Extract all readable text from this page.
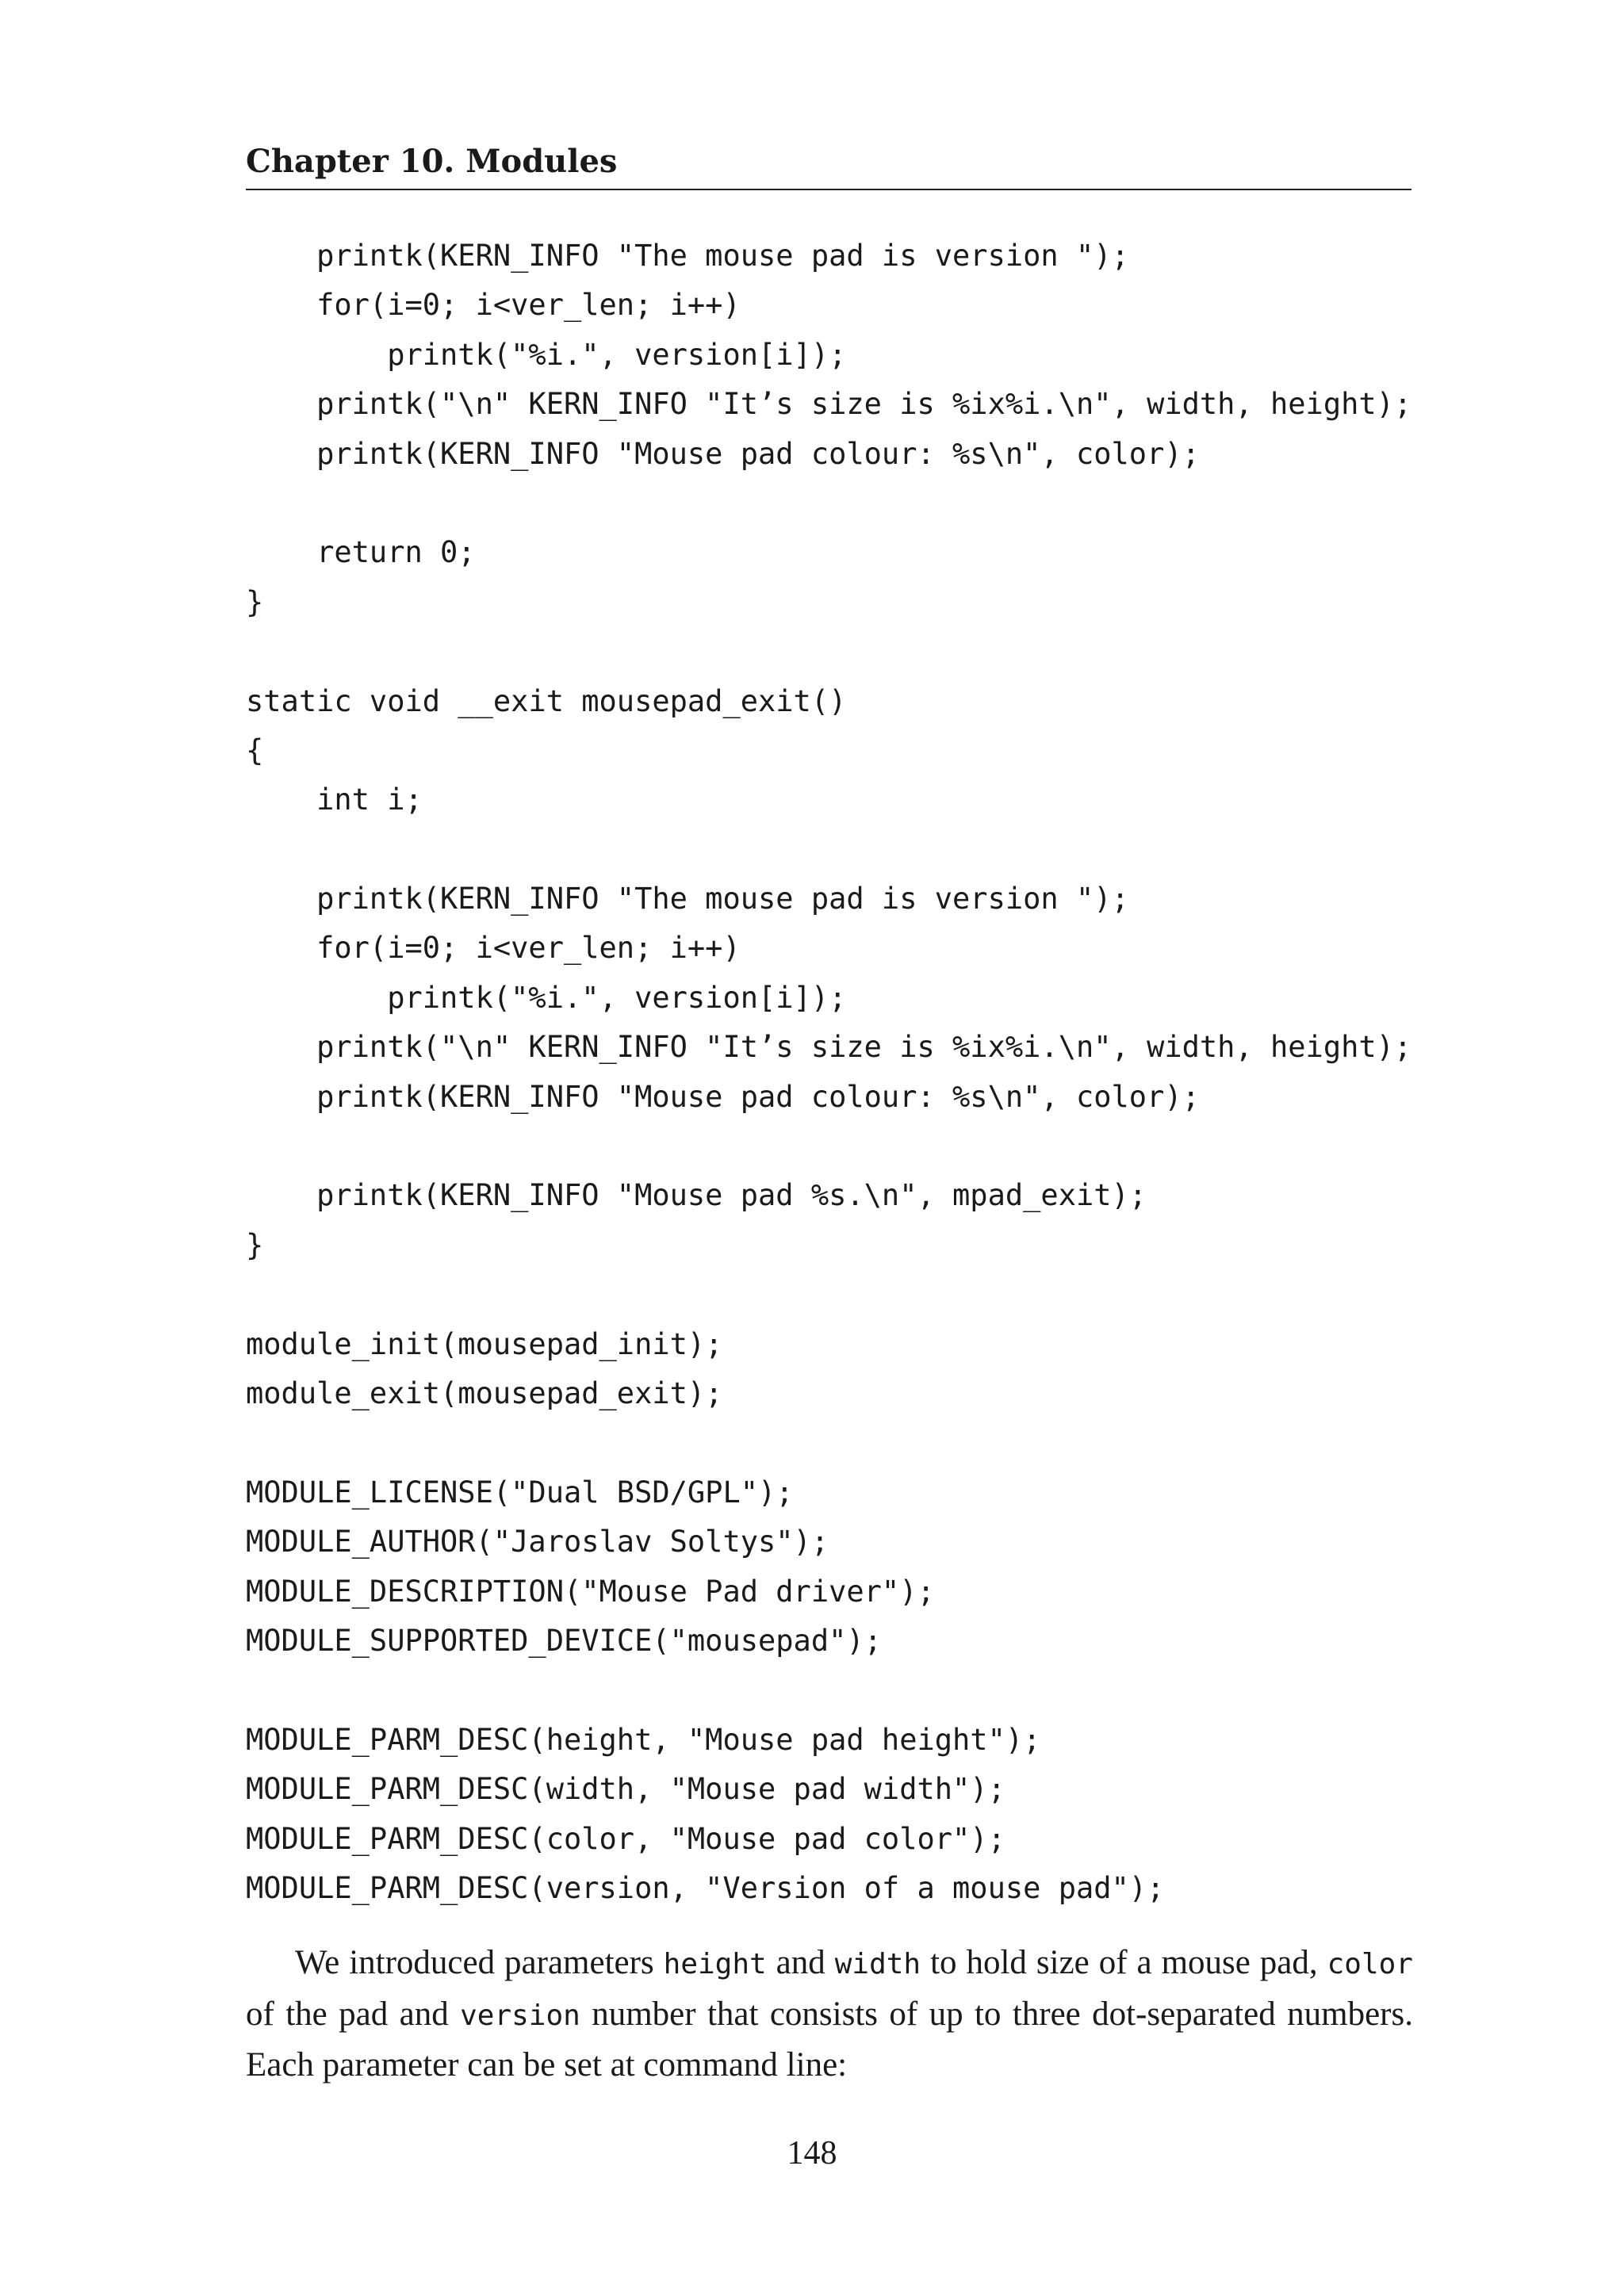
Chapter 10. Modules
printk(KERN_INFO "The mouse pad is version ");
for(i=0; i<ver_len; i++)
printk("%i.", version[i]);
printk("\n" KERN_INFO "It’s size is %ix%i.\n", width, height);
printk(KERN_INFO "Mouse pad colour: %s\n", color);
return 0;
}
static void __exit mousepad_exit()
{
int i;
printk(KERN_INFO "The mouse pad is version ");
for(i=0; i<ver_len; i++)
printk("%i.", version[i]);
printk("\n" KERN_INFO "It’s size is %ix%i.\n", width, height);
printk(KERN_INFO "Mouse pad colour: %s\n", color);
printk(KERN_INFO "Mouse pad %s.\n", mpad_exit);
}
module_init(mousepad_init);
module_exit(mousepad_exit);
MODULE_LICENSE("Dual BSD/GPL");
MODULE_AUTHOR("Jaroslav Soltys");
MODULE_DESCRIPTION("Mouse Pad driver");
MODULE_SUPPORTED_DEVICE("mousepad");
MODULE_PARM_DESC(height, "Mouse pad height");
MODULE_PARM_DESC(width, "Mouse pad width");
MODULE_PARM_DESC(color, "Mouse pad color");
MODULE_PARM_DESC(version, "Version of a mouse pad");

We introduced parameters height and width to hold size of a mouse pad, color of the pad and version number that consists of up to three dot-separated numbers. Each parameter can be set at command line:

148
